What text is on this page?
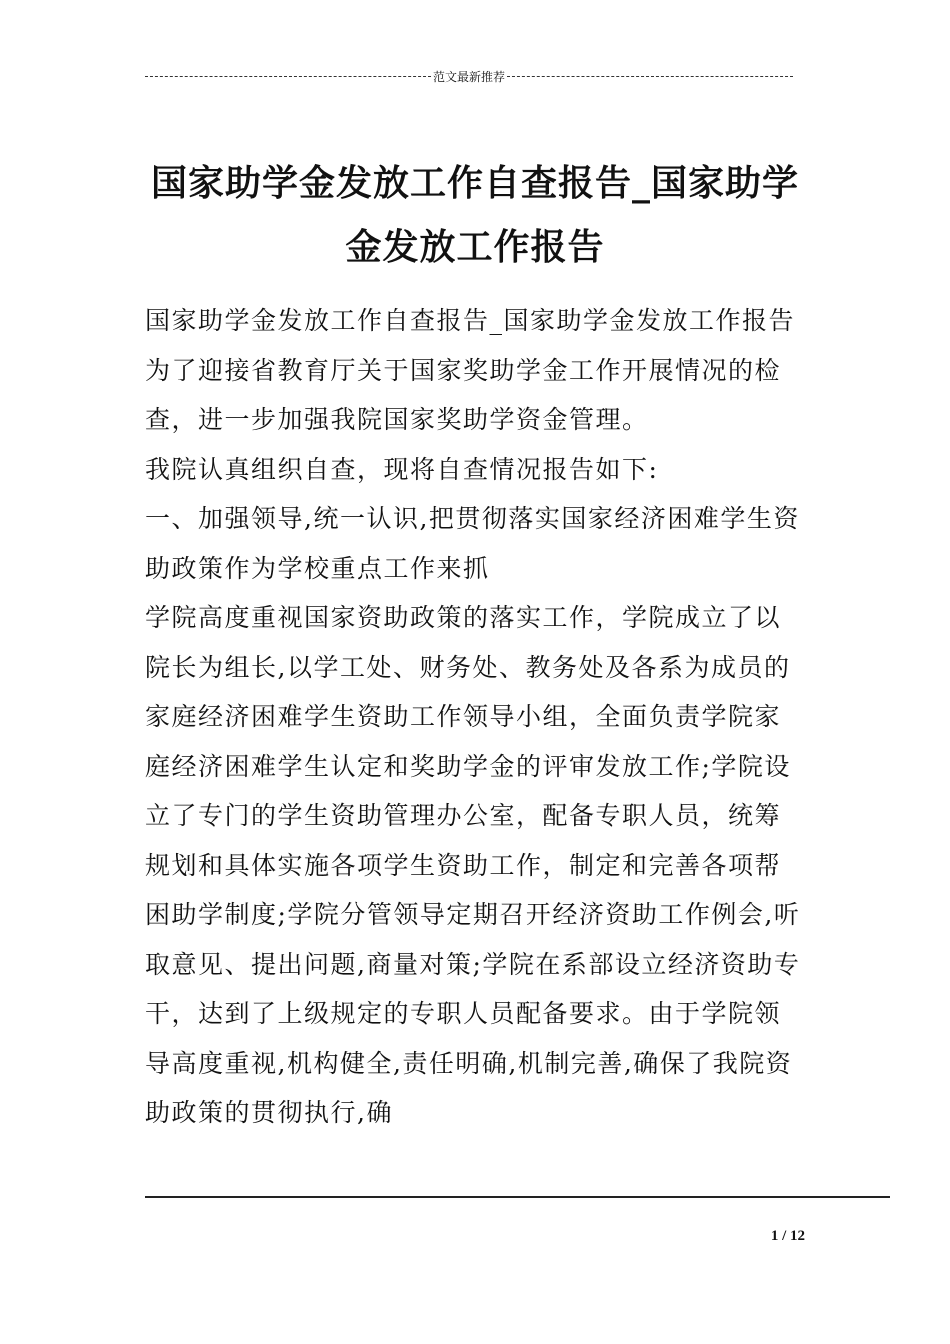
范文最新推荐
国家助学金发放工作自查报告_国家助学金发放工作报告

国家助学金发放工作自查报告_国家助学金发放工作报告

为了迎接省教育厅关于国家奖助学金工作开展情况的检查，进一步加强我院国家奖助学资金管理。

我院认真组织自查，现将自查情况报告如下:

一、加强领导,统一认识,把贯彻落实国家经济困难学生资助政策作为学校重点工作来抓

学院高度重视国家资助政策的落实工作，学院成立了以院长为组长,以学工处、财务处、教务处及各系为成员的家庭经济困难学生资助工作领导小组，全面负责学院家庭经济困难学生认定和奖助学金的评审发放工作;学院设立了专门的学生资助管理办公室，配备专职人员，统筹规划和具体实施各项学生资助工作，制定和完善各项帮困助学制度;学院分管领导定期召开经济资助工作例会,听取意见、提出问题,商量对策;学院在系部设立经济资助专干，达到了上级规定的专职人员配备要求。由于学院领导高度重视,机构健全,责任明确,机制完善,确保了我院资助政策的贯彻执行,确

1 / 12
